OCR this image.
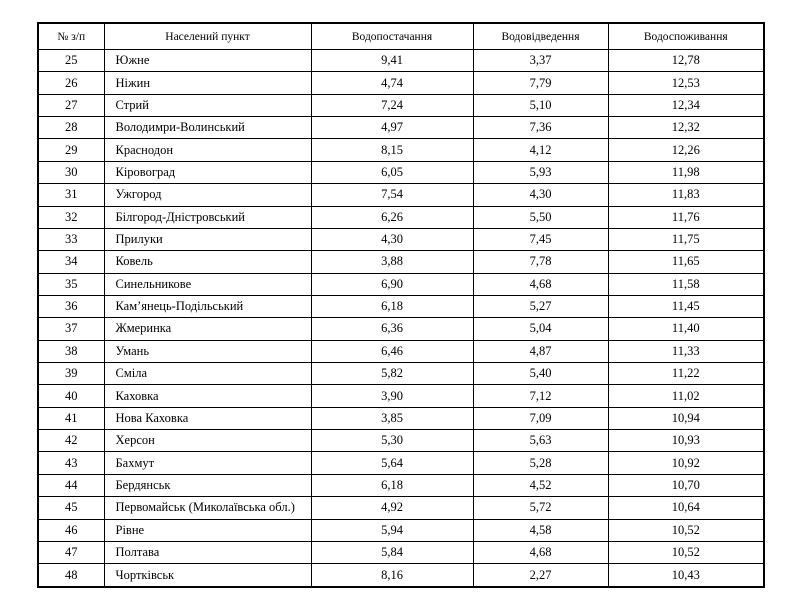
№ з/п	Населений пункт	Водопостачання	Водовідведення	Водоспоживання
25	Южне	9,41	3,37	12,78
26	Ніжин	4,74	7,79	12,53
27	Стрий	7,24	5,10	12,34
28	Володимри-Волинський	4,97	7,36	12,32
29	Краснодон	8,15	4,12	12,26
30	Кіровоград	6,05	5,93	11,98
31	Ужгород	7,54	4,30	11,83
32	Білгород-Дністровський	6,26	5,50	11,76
33	Прилуки	4,30	7,45	11,75
34	Ковель	3,88	7,78	11,65
35	Синельникове	6,90	4,68	11,58
36	Кам’янець-Подільський	6,18	5,27	11,45
37	Жмеринка	6,36	5,04	11,40
38	Умань	6,46	4,87	11,33
39	Сміла	5,82	5,40	11,22
40	Каховка	3,90	7,12	11,02
41	Нова Каховка	3,85	7,09	10,94
42	Херсон	5,30	5,63	10,93
43	Бахмут	5,64	5,28	10,92
44	Бердянськ	6,18	4,52	10,70
45	Первомайськ (Миколаївська обл.)	4,92	5,72	10,64
46	Рівне	5,94	4,58	10,52
47	Полтава	5,84	4,68	10,52
48	Чортківськ	8,16	2,27	10,43
